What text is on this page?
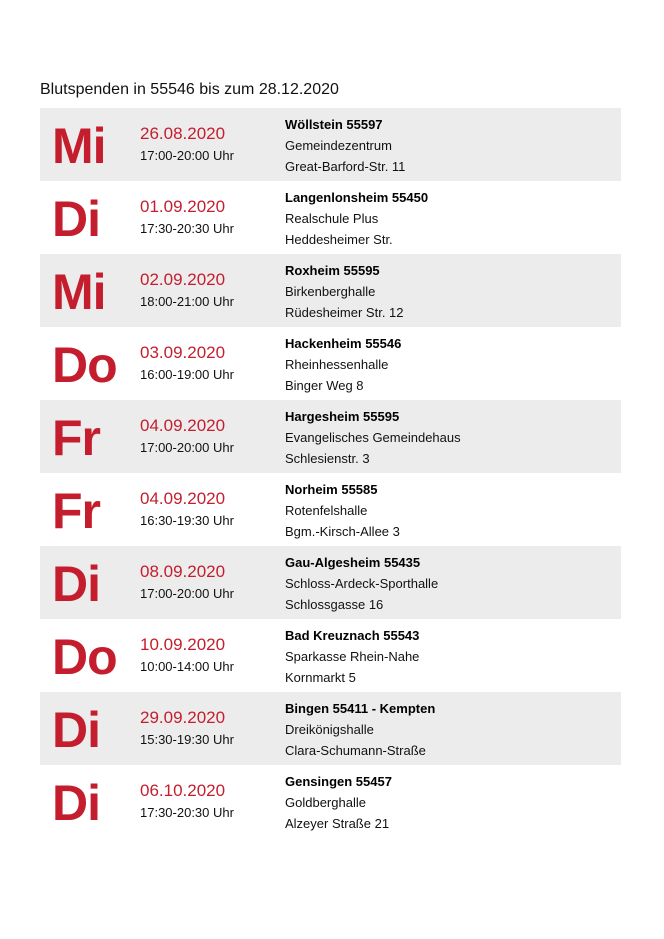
Blutspenden in 55546 bis zum 28.12.2020
Mi 26.08.2020
17:00-20:00 Uhr
Wöllstein 55597
Gemeindezentrum
Great-Barford-Str. 11
Di 01.09.2020
17:30-20:30 Uhr
Langenlonsheim 55450
Realschule Plus
Heddesheimer Str.
Mi 02.09.2020
18:00-21:00 Uhr
Roxheim 55595
Birkenberghalle
Rüdesheimer Str. 12
Do 03.09.2020
16:00-19:00 Uhr
Hackenheim 55546
Rheinhessenhalle
Binger Weg 8
Fr 04.09.2020
17:00-20:00 Uhr
Hargesheim 55595
Evangelisches Gemeindehaus
Schlesienstr. 3
Fr 04.09.2020
16:30-19:30 Uhr
Norheim 55585
Rotenfelshalle
Bgm.-Kirsch-Allee 3
Di 08.09.2020
17:00-20:00 Uhr
Gau-Algesheim 55435
Schloss-Ardeck-Sporthalle
Schlossgasse 16
Do 10.09.2020
10:00-14:00 Uhr
Bad Kreuznach 55543
Sparkasse Rhein-Nahe
Kornmarkt 5
Di 29.09.2020
15:30-19:30 Uhr
Bingen 55411 - Kempten
Dreikönigshalle
Clara-Schumann-Straße
Di 06.10.2020
17:30-20:30 Uhr
Gensingen 55457
Goldberghalle
Alzeyer Straße 21
